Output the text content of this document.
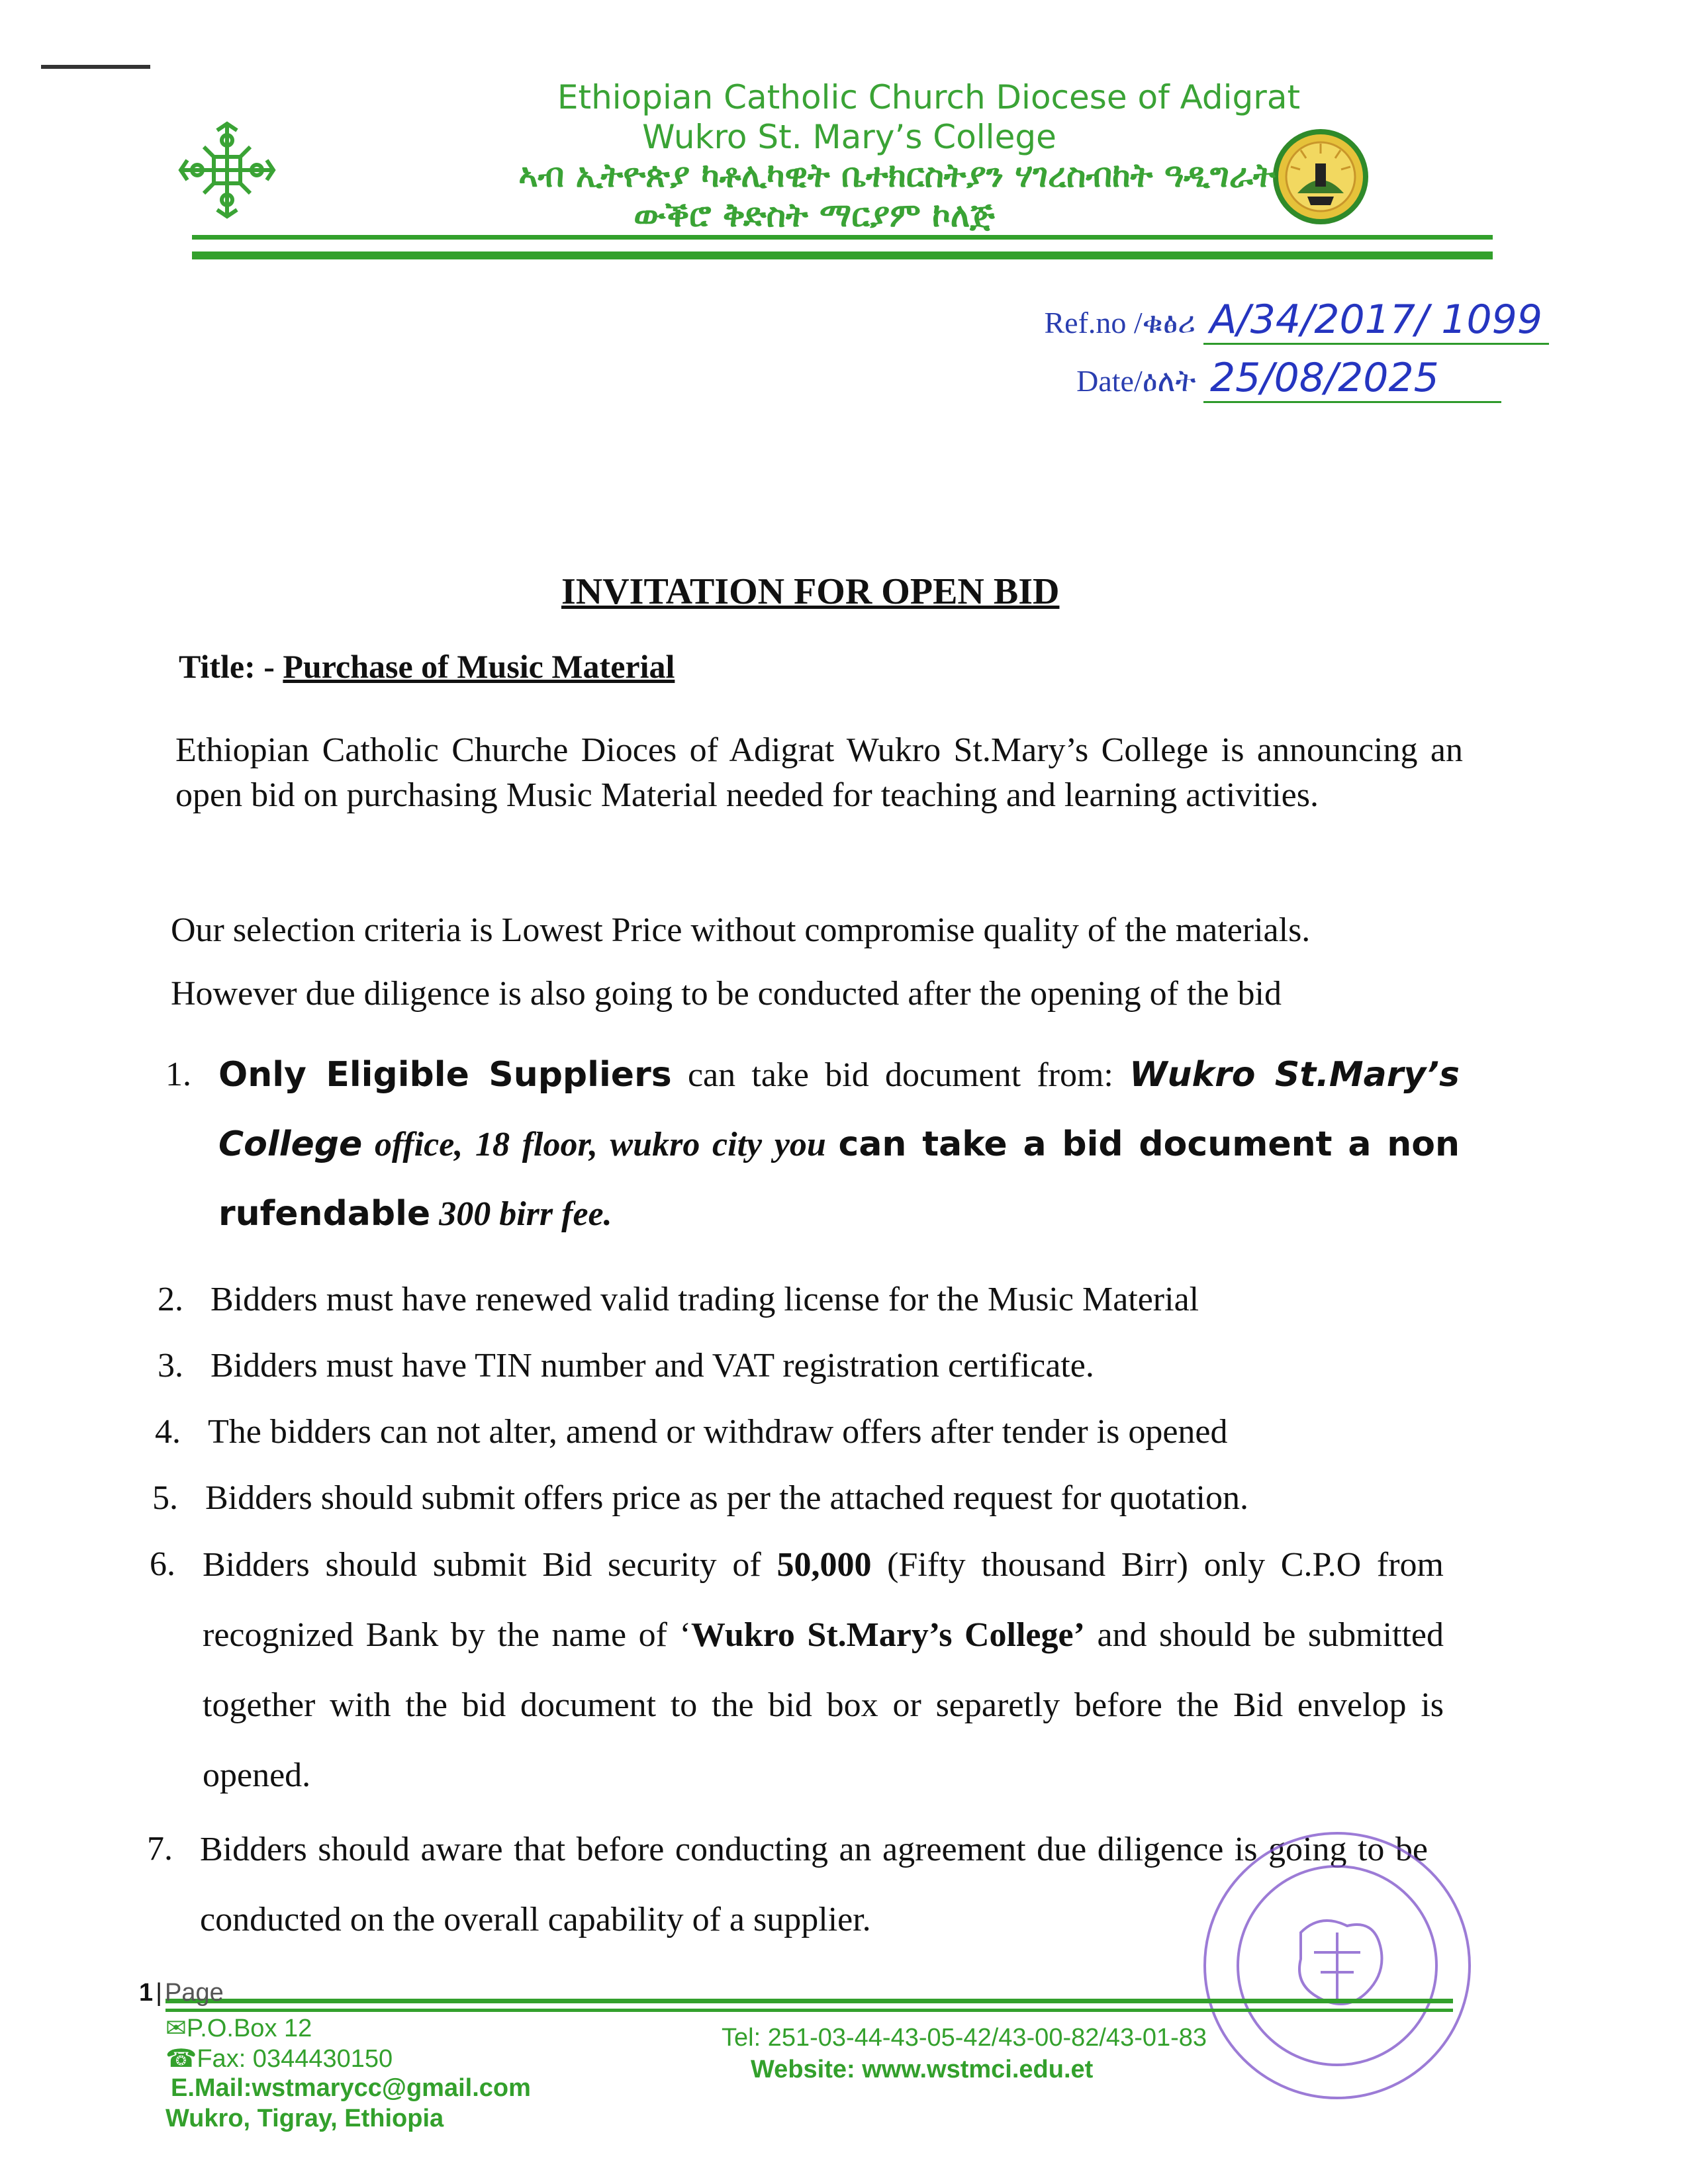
Ethiopian Catholic Church Diocese of Adigrat
Wukro St. Mary’s College
ኣብ ኢትዮጵያ ካቶሊካዊት ቤተክርስትያን ሃገረስብከት ዓዲግራት
ውቕሮ ቅድስት ማርያም ኮለጅ
Ref.no /ቁፅሪ A/34/2017/ 1099
Date/ዕለት 25/08/2025
INVITATION FOR OPEN BID
Title: - Purchase of Music Material
Ethiopian Catholic Churche Dioces of Adigrat Wukro St.Mary’s College is announcing an open bid on purchasing Music Material needed for teaching and learning activities.
Our selection criteria is Lowest Price without compromise quality of the materials.
However due diligence is also going to be conducted after the opening of the bid
1. Only Eligible Suppliers can take bid document from: Wukro St.Mary’s College office, 18 floor, wukro city you can take a bid document a non rufendable 300 birr fee.
2. Bidders must have renewed valid trading license for the Music Material
3. Bidders must have TIN number and VAT registration certificate.
4. The bidders can not alter, amend or withdraw offers after tender is opened
5. Bidders should submit offers price as per the attached request for quotation.
6. Bidders should submit Bid security of 50,000 (Fifty thousand Birr) only C.P.O from recognized Bank by the name of ‘Wukro St.Mary’s College’ and should be submitted together with the bid document to the bid box or separetly before the Bid envelop is opened.
7. Bidders should aware that before conducting an agreement due diligence is going to be conducted on the overall capability of a supplier.
1 | Page
✉P.O.Box 12
☎Fax: 0344430150
E.Mail:wstmarycc@gmail.com
Wukro, Tigray, Ethiopia
Tel: 251-03-44-43-05-42/43-00-82/43-01-83
Website: www.wstmci.edu.et
